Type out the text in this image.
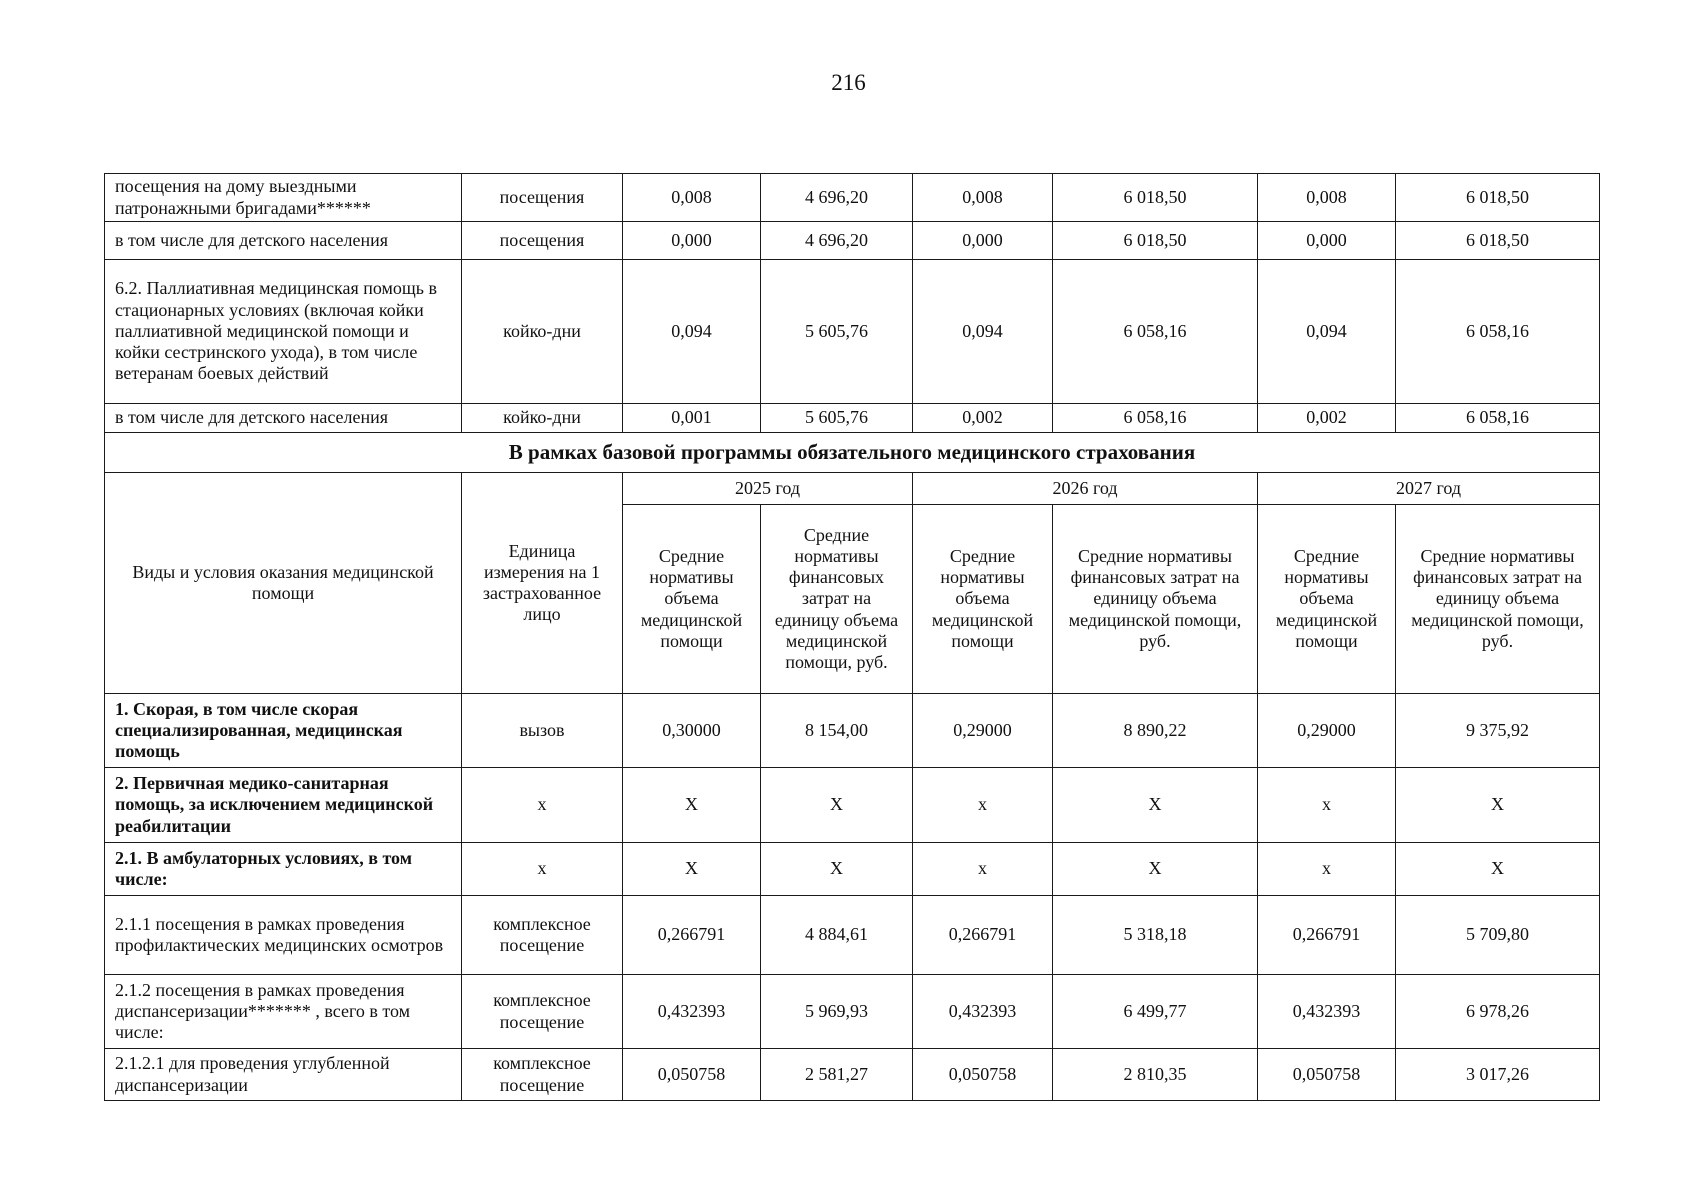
216
посещения на дому выездными патронажными бригадами******	посещения	0,008	4 696,20	0,008	6 018,50	0,008	6 018,50
в том числе для детского населения	посещения	0,000	4 696,20	0,000	6 018,50	0,000	6 018,50
6.2. Паллиативная медицинская помощь в стационарных условиях (включая койки паллиативной медицинской помощи и койки сестринского ухода), в том числе ветеранам боевых действий	койко-дни	0,094	5 605,76	0,094	6 058,16	0,094	6 058,16
в том числе для детского населения	койко-дни	0,001	5 605,76	0,002	6 058,16	0,002	6 058,16
В рамках базовой программы обязательного медицинского страхования							
Виды и условия оказания медицинской помощи	Единица измерения на 1 застрахованное лицо	2025 год		2026 год		2027 год	
		Средние нормативы объема медицинской помощи	Средние нормативы финансовых затрат на единицу объема медицинской помощи, руб.	Средние нормативы объема медицинской помощи	Средние нормативы финансовых затрат на единицу объема медицинской помощи, руб.	Средние нормативы объема медицинской помощи	Средние нормативы финансовых затрат на единицу объема медицинской помощи, руб.
1. Скорая, в том числе скорая специализированная, медицинская помощь	вызов	0,30000	8 154,00	0,29000	8 890,22	0,29000	9 375,92
2. Первичная медико-санитарная помощь, за исключением медицинской реабилитации	х	Х	Х	х	Х	х	Х
2.1. В амбулаторных условиях, в том числе:	х	Х	Х	х	Х	х	Х
2.1.1 посещения в рамках проведения профилактических медицинских осмотров	комплексное посещение	0,266791	4 884,61	0,266791	5 318,18	0,266791	5 709,80
2.1.2 посещения в рамках проведения диспансеризации******* , всего в том числе:	комплексное посещение	0,432393	5 969,93	0,432393	6 499,77	0,432393	6 978,26
2.1.2.1 для проведения углубленной диспансеризации	комплексное посещение	0,050758	2 581,27	0,050758	2 810,35	0,050758	3 017,26
